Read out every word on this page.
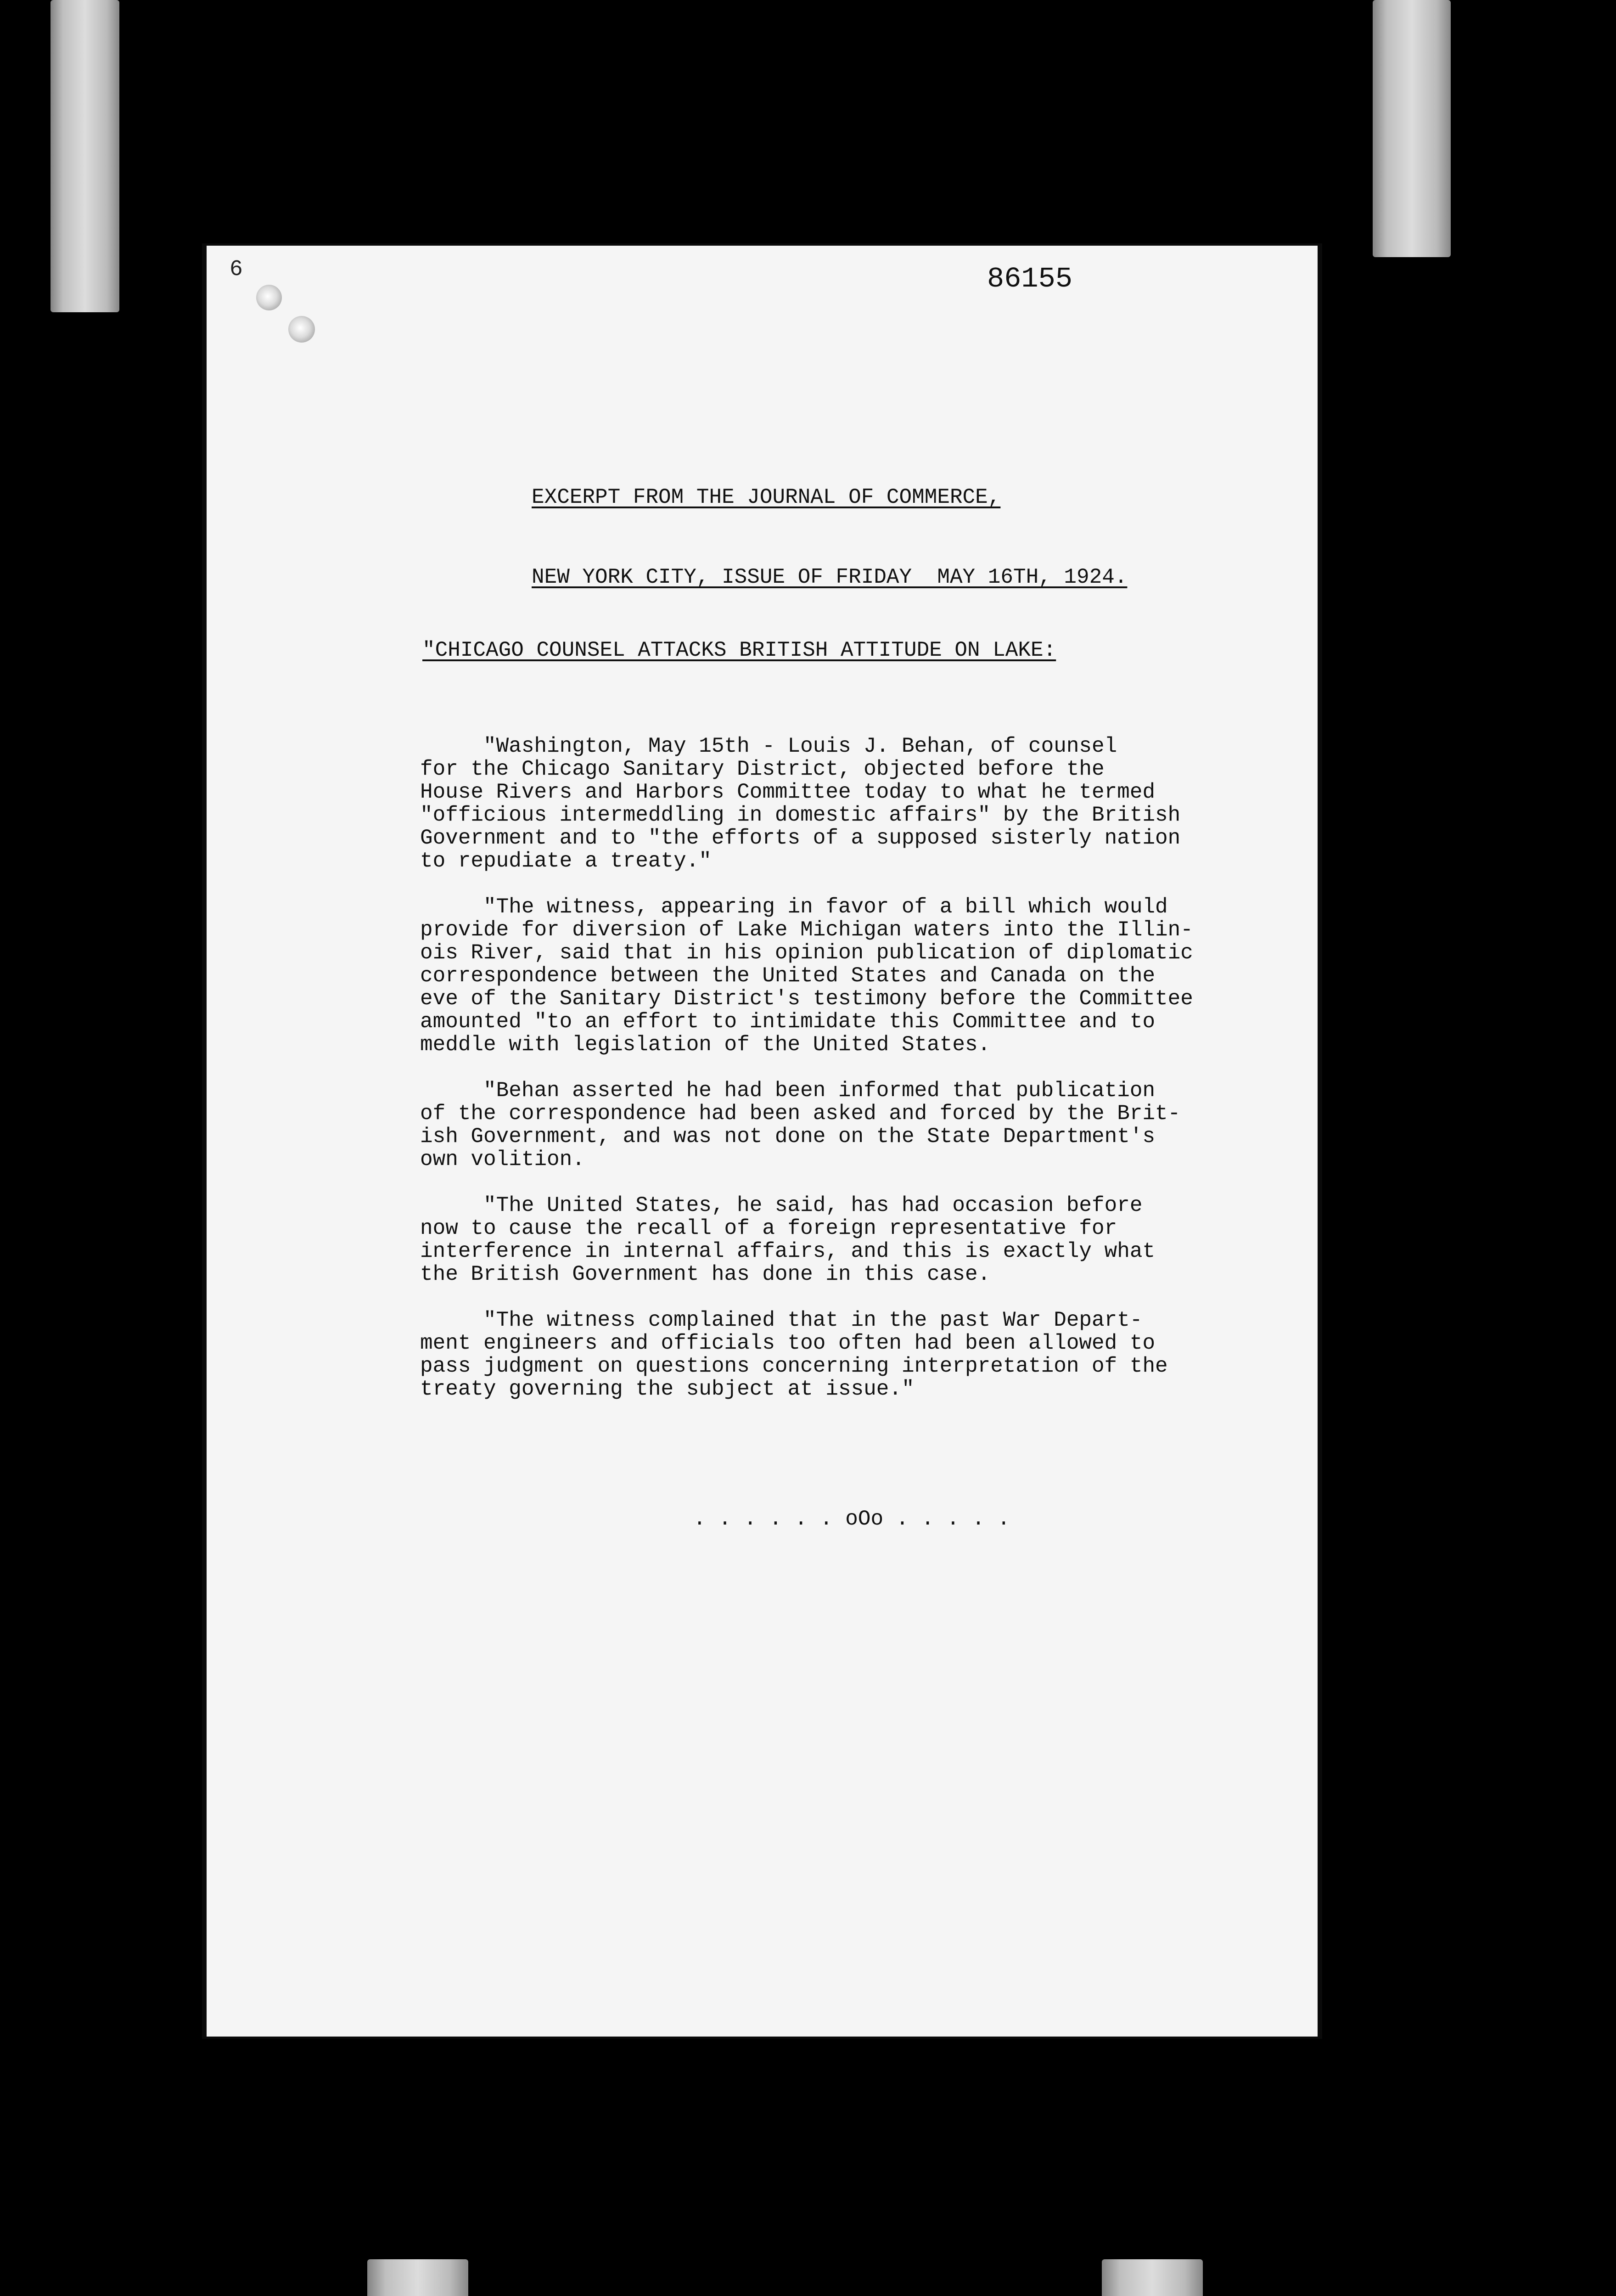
6	86155

EXCERPT FROM THE JOURNAL OF COMMERCE,

NEW YORK CITY, ISSUE OF FRIDAY  MAY 16TH, 1924.

"CHICAGO COUNSEL ATTACKS BRITISH ATTITUDE ON LAKE:
"Washington, May 15th - Louis J. Behan, of counsel
for the Chicago Sanitary District, objected before the
House Rivers and Harbors Committee today to what he termed
"officious intermeddling in domestic affairs" by the British
Government and to "the efforts of a supposed sisterly nation
to repudiate a treaty."
"The witness, appearing in favor of a bill which would
provide for diversion of Lake Michigan waters into the Illin-
ois River, said that in his opinion publication of diplomatic
correspondence between the United States and Canada on the
eve of the Sanitary District's testimony before the Committee
amounted "to an effort to intimidate this Committee and to
meddle with legislation of the United States.
"Behan asserted he had been informed that publication
of the correspondence had been asked and forced by the Brit-
ish Government, and was not done on the State Department's
own volition.
"The United States, he said, has had occasion before
now to cause the recall of a foreign representative for
interference in internal affairs, and this is exactly what
the British Government has done in this case.
"The witness complained that in the past War Depart-
ment engineers and officials too often had been allowed to
pass judgment on questions concerning interpretation of the
treaty governing the subject at issue."
. . . . . . oOo . . . . .
